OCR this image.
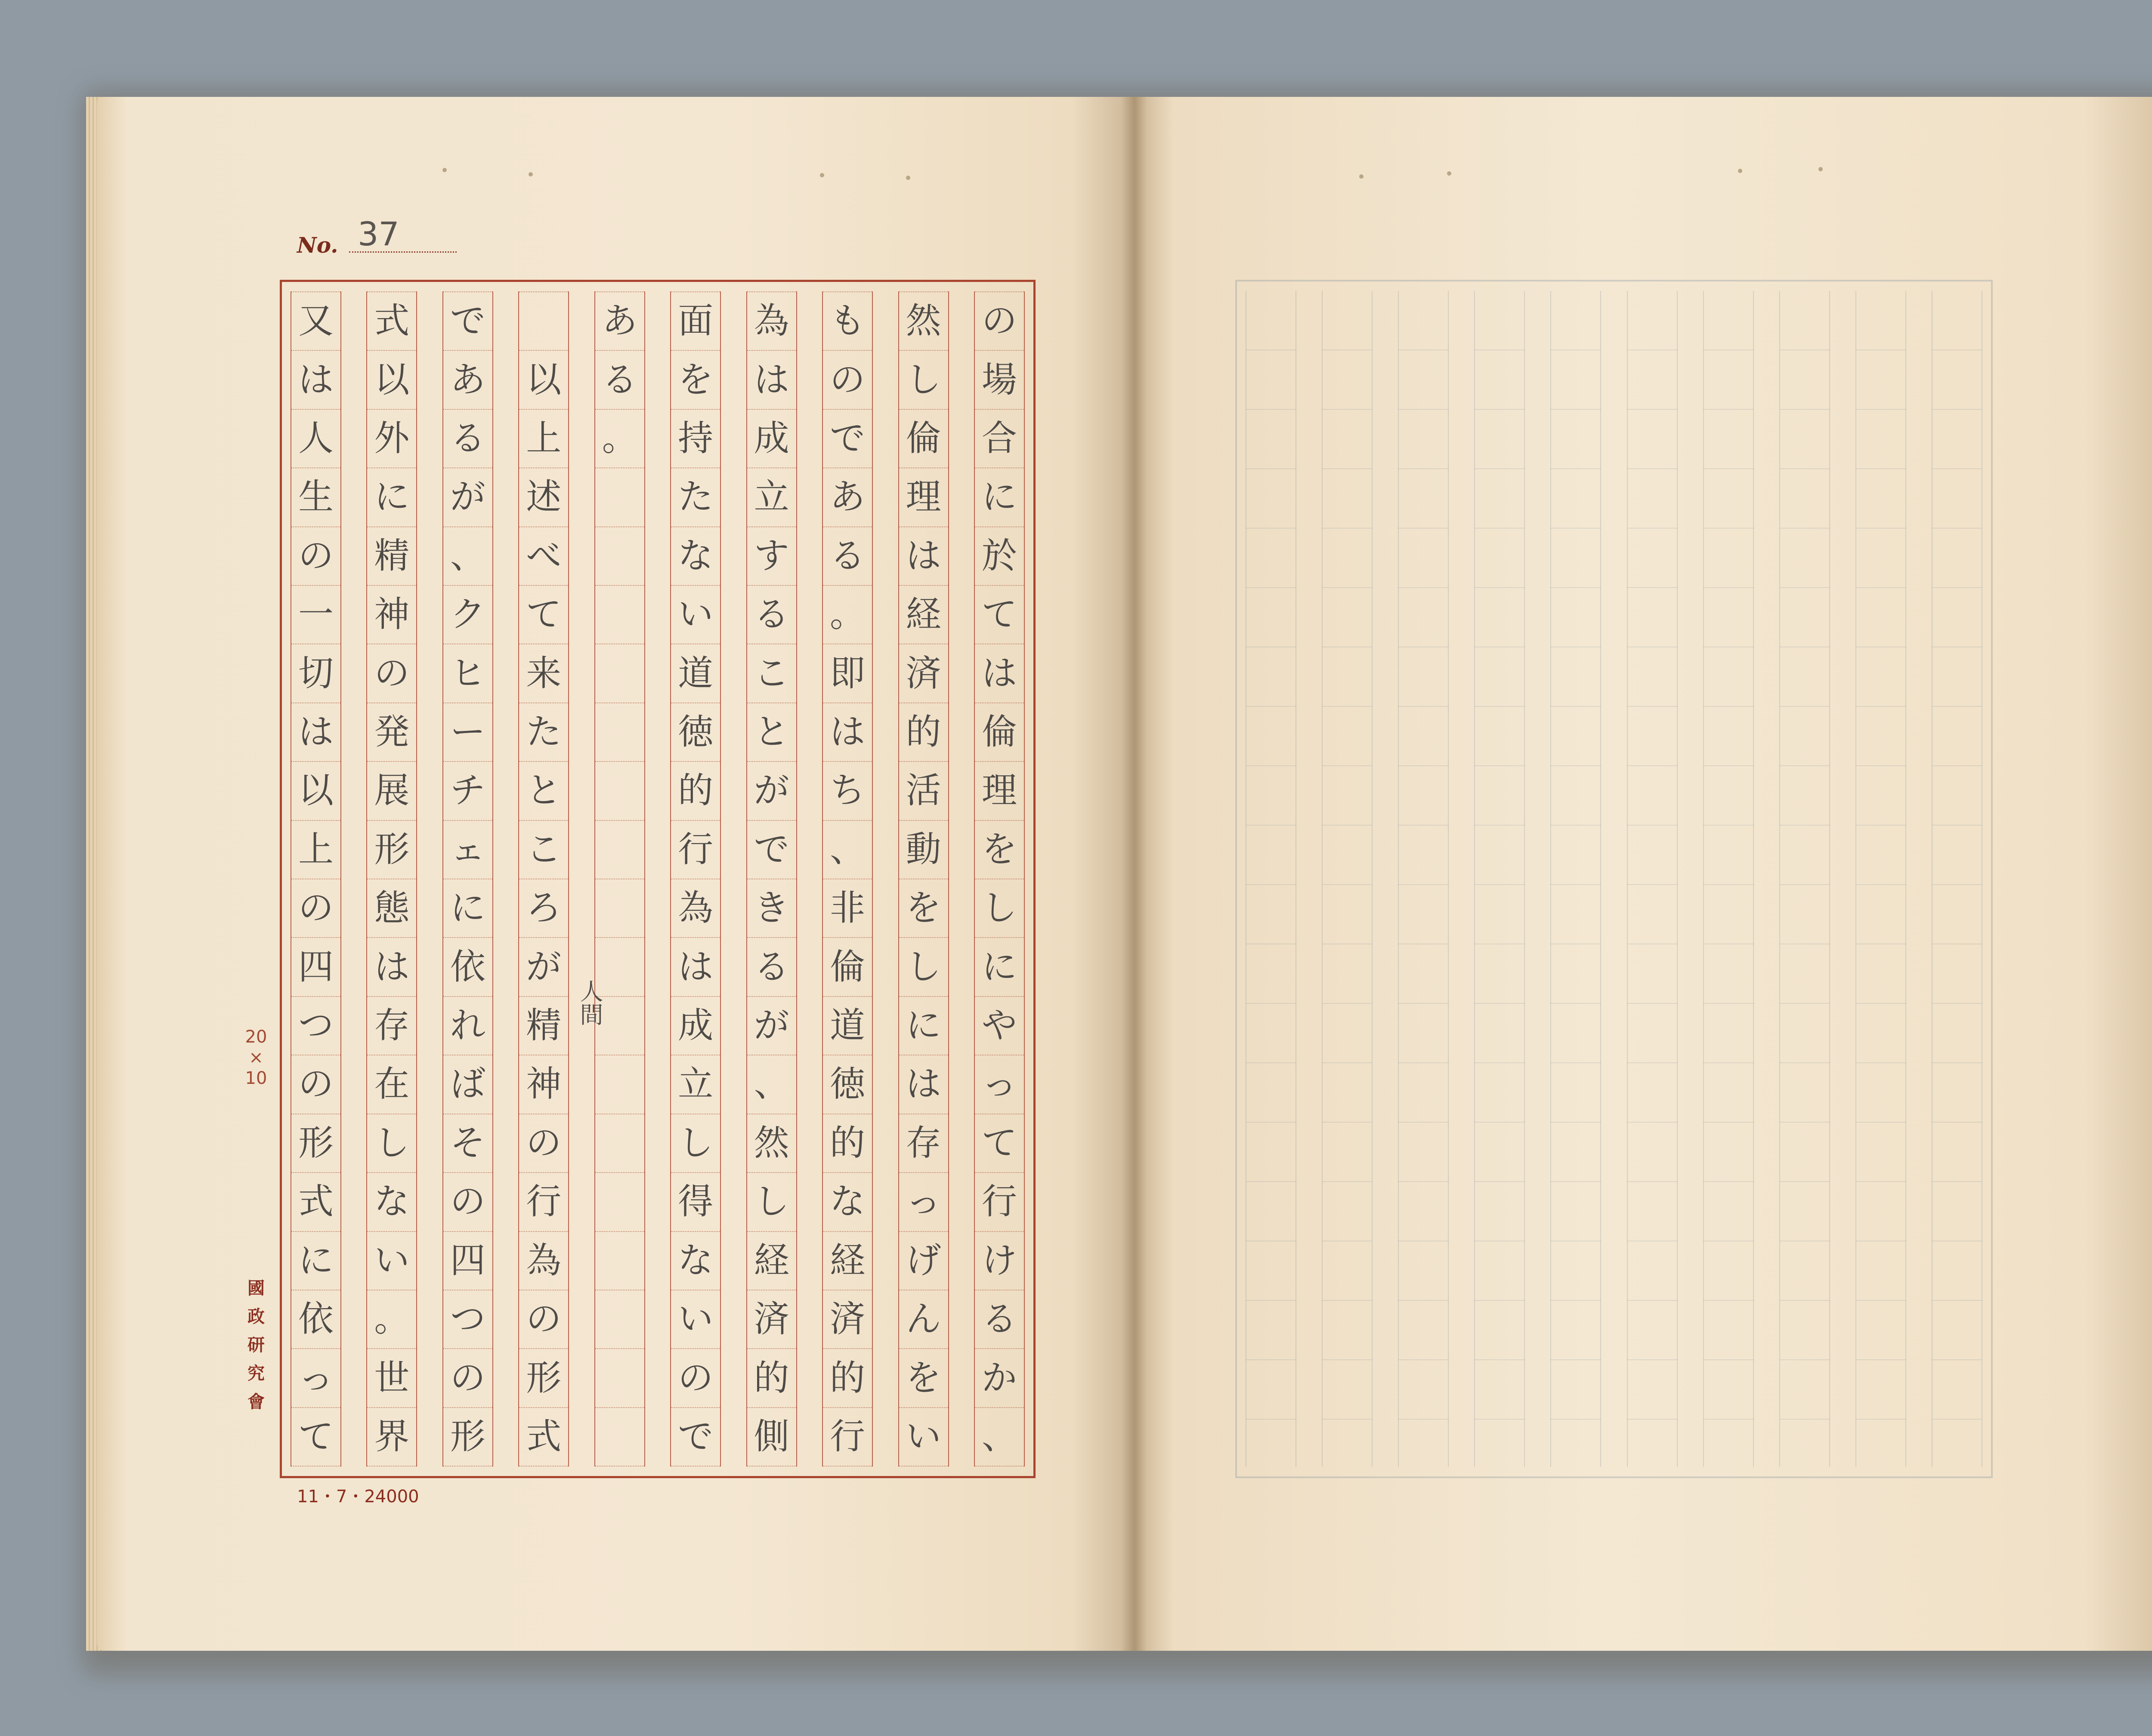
No. 37
の
場
合
に
於
て
は
倫
理
を
し
に
や
っ
て
行
け
る
か
、
然
し
倫
理
は
経
済
的
活
動
を
し
に
は
存
っ
げ
ん
を
い
も
の
で
あ
る
。
即
は
ち
、
非
倫
道
徳
的
な
経
済
的
行
為
は
成
立
す
る
こ
と
が
で
き
る
が
、
然
し
経
済
的
側
面
を
持
た
な
い
道
徳
的
行
為
は
成
立
し
得
な
い
の
で
あ
る
。
以
上
述
べ
て
来
た
と
こ
ろ
が
精
神
の
行
為
の
形
式
で
あ
る
が
、
ク
ヒ
ー
チ
ェ
に
依
れ
ば
そ
の
四
つ
の
形
式
以
外
に
精
神
の
発
展
形
態
は
存
在
し
な
い
。
世
界
又
は
人
生
の
一
切
は
以
上
の
四
つ
の
形
式
に
依
っ
て
人間
20
×
10
國
政
研
究
會
11・7・24000
